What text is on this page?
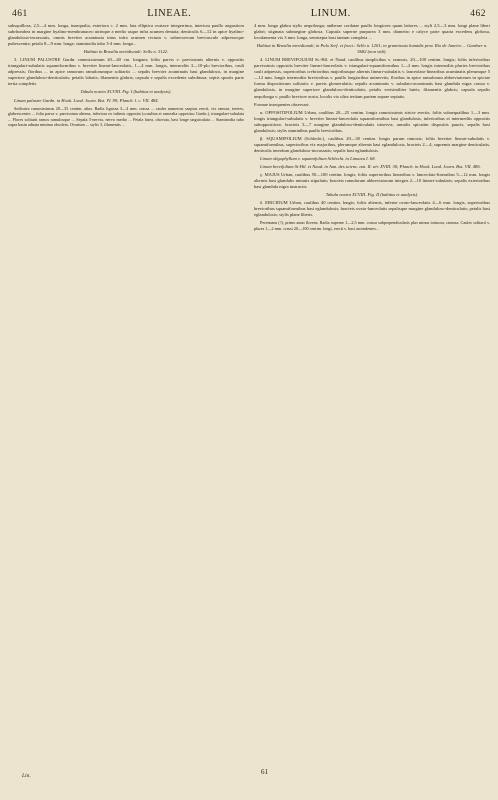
461	LINEAE.	LINUM.	462

subsquillosa, 2,5—4 mm. longa, inaequalia, exteriora c. 2 mm. lata elliptica ovatave integerrima, interiora paullo angustiora subrhombea in margine hyalino-membranaceo utrinque a medio usque infra acumen dentata; denticulis 6—12 in apice hyalino-glandulosis-incrassatis, omnis breviter acuminata intus infra acumen rectum v. subrecurvum breviuscule adpressoque pubescentia; petala 8—9 mm. longa; staminodia tubo 3-4 mm. longo...

Habitat in Brasilia meridionali: Sello n. 3122.

3. LINUM PALUSTRE Gardn. ramosissimum 20—40 cm. longum; foliis parvis v. parvissimis alternis v. oppositis triangulari-subulatis squamiformibus v. breviter lineari-lanceolatis, 1—4 mm. longis, internodiis 3—10-plo brevioribus, cauli adpressis; floribus ... in apice ramorum ramulorumque solitariis ... sepalis breviter acuminatis basi glandulosis, in margine superiore glanduloso-denticulatis; petalis lobatis; filamentis glabris; capsula e sepalis excedente subobtusa; septis spuriis parte tertia completis.

Tabula nostra XCVIII. Fig. I (habitus et analysis).

Linum palustre Gardn. in Hook. Lond. Journ. Bot. IV. 99; Planch. l. c. VII. 484.

Suffrutex ramosissimus 20—35 centim. altus. Radix lignosa 3—4 mm. crassa ... caules numerosi saepius erecti, vix ramosi, teretes, glabrescentes ... folia parva v. parvissima alterna, inferiora ex infimis opposita (»caulina et ramealia opposita« Gardn.), triangulari-subulata ... Flores solitarii ramos ramulosque ... Sepala 5-nervia, nervo medio ... Petala lutea, obovata, basi longe unguiculata ... Staminodia tubo supra basin adnata minima obsoleta. Ovarium ... stylis 3, filamentis ...

4 mm. longa glabra stylis aequilonga; antherae cordatae paullo longiores quam latiores ... styli 2,5—3 mm. longi plane liberi glabri; stigmata submegine globosa. Capsula superne purpurea 3 mm. diametro e calyce parte quarta excedens globosa, loculamenta vix 3 mm. longa, semisepta basi tantum completa ...

Habitat in Brasilia meridionali, in Pulo Serf. et fruct.: Sello n. 1201; in graminosis humidis prov. Rio de Janeiro ... Gardner n. 5682 (non vidi).

4. LINUM BREVIFOLIUM St.-Hil. et Naud. caulibus simplicibus v. ramosis, 20—100 centim. longis; foliis inferioribus parvissimis oppositis breviter lineari-lanceolatis v. triangulari-squamiformibus 1—4 mm. longis internodiis pluries brevioribus cauli adpressis, superioribus crebrioribus majoribusque alternis lineari-subulatis v. lanceolato-linearibus acuminatis plerumque 5—12 mm. longis internodiis brevioribus v. paullo longioribus uninerviis; floribus in apice ramulorum abbreviatorum in spiciae forma dispositorum solitariis v. pareis glomerulatis; sepalis acuminatis v. subulato-acuminatis basi glandula nigra crassa v. glandulosis, in margine superiore glanduloso-denticulatis; petalis verisimiliter luteis; filamentis glabris; capsula sepalis aequilonga v. paullo breviore acuta, loculis vix ultra tertiam partem suprae septatis.

Formae insequentes observari:

α. OPPOSITIFOLIUM Urban, caulibus 20—25 centim. longis ramosissimis stricte erectis; foliis subaequalibus 1—3 mm. longis triangulari-subulatis v. breviter lineari-lanceolatis squamiformibus basi glandulosis, inferioribus et intermediis oppositis suboppositisve, bracteis 3—7 margine glanduloso-denticulatis trinervis; ramulis spicatim dispositis paucis; sepalis basi glandulosis; stylis staminibus paullo brevioribus.

β. SQUAMIFOLIUM (Schlecht.), caulibus 20—30 centim. longis parum ramosis; foliis breviter lineari-subulatis v. squamiformibus, superioribus vix majoribus, plerumque alternis basi eglandulosis, bracteis 2—4, supremis margine denticulatis, denticulis interdum glanduloso-incrassatis; sepalis basi eglandulosis.

Linum oligophyllum v. squamifolium Schlecht. in Linnaea I. 68.

Linum brevifolium St-Hil. et Naud. in Ann. des scienc. nat. II. sér. XVIII. 30; Planch. in Hook. Lond. Journ. Bot. VII. 486.

γ. MAJUS Urban, caulibus 50—100 centim. longis; foliis superioribus linearibus v. lanceolato-linearibus 5—12 mm. longis alternis basi glandulis minutis stipulatis; bracteis ramulorum abbreviatorum integris 2—10 lineari-subulatis; sepalis exterioribus basi glandula nigra instructis.

Tabula nostra XCVIII. Fig. II (habitus et analysis).

δ. ERICIDUM Urban, caulibus 40 centim. longis; foliis alternis, inferne ovato-lanceolatis 4—6 mm. longis, superioribus brevioribus squamiformibus basi eglandulosis; bracteis ovato-lanceolatis sepalisque margine glanduloso-denticulatis; petalis basi eglandulosis; stylis plane liberis.

Perennans (?), primo anno florens. Radix superne 1—2,5 mm. crassa subperpendicularis plus minus tortuosa, ramosa. Caules solitarii v. plures 1—2 mm. crassi 20—100 centim. longi, erecti v. basi ascendentes...

Lin.	61
